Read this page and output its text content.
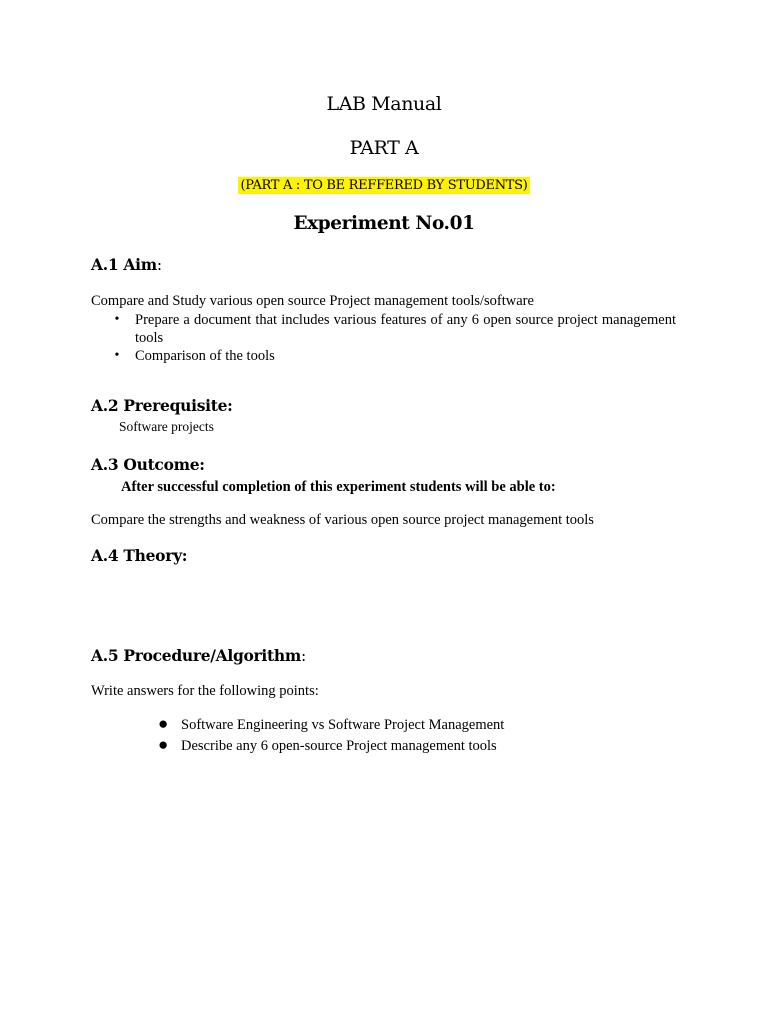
LAB Manual
PART A
(PART A : TO BE REFFERED BY STUDENTS)
Experiment No.01
A.1 Aim:
Compare and Study various open source Project management tools/software
• Prepare a document that includes various features of any 6 open source project management tools
• Comparison of the tools
A.2 Prerequisite:
Software projects
A.3 Outcome:
After successful completion of this experiment students will be able to:
Compare the strengths and weakness of various open source project management tools
A.4 Theory:
A.5 Procedure/Algorithm:
Write answers for the following points:
● Software Engineering vs Software Project Management
● Describe any 6 open-source Project management tools
